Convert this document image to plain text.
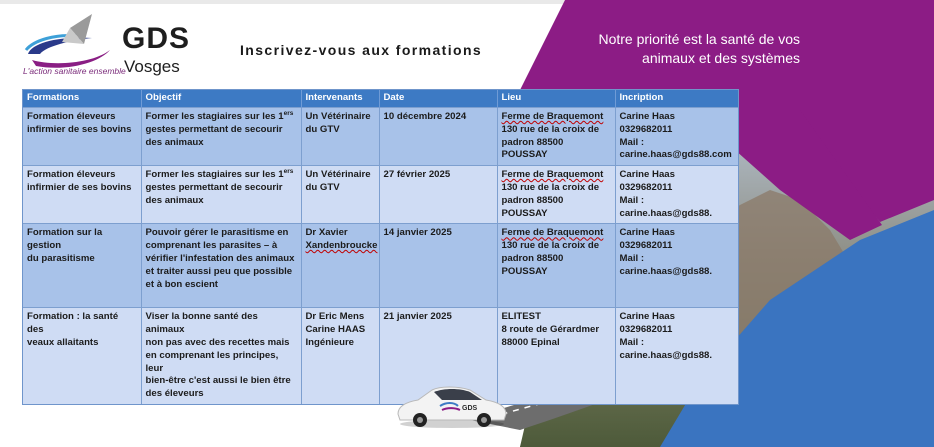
GDS
Vosges
L'action sanitaire ensemble
Inscrivez-vous aux formations
Notre priorité est la santé de vos
animaux et des systèmes
Formations	Objectif	Intervenants	Date	Lieu	Incription

Formation éleveurs
infirmier de ses bovins	Former les stagiaires sur les 1ers
gestes permettant de secourir
des animaux	Un Vétérinaire
du GTV	10 décembre 2024	Ferme de Braquemont
130 rue de la croix de
padron 88500 POUSSAY	Carine Haas
0329682011
Mail :
carine.haas@gds88.com

Formation éleveurs
infirmier de ses bovins	Former les stagiaires sur les 1ers
gestes permettant de secourir
des animaux	Un Vétérinaire
du GTV	27 février 2025	Ferme de Braquemont
130 rue de la croix de
padron 88500 POUSSAY	Carine Haas
0329682011
Mail :
carine.haas@gds88.

Formation sur la gestion
du parasitisme	Pouvoir gérer le parasitisme en
comprenant les parasites – à
vérifier l'infestation des animaux
et traiter aussi peu que possible
et à bon escient	Dr Xavier
Xandenbroucke	14 janvier 2025	Ferme de Braquemont
130 rue de la croix de
padron 88500 POUSSAY	Carine Haas
0329682011
Mail :
carine.haas@gds88.

Formation : la santé des
veaux allaitants	Viser la bonne santé des animaux
non pas avec des recettes mais
en comprenant les principes, leur
bien-être c'est aussi le bien être
des éleveurs	Dr Eric Mens
Carine HAAS
Ingénieure	21 janvier 2025	ELITEST
8 route de Gérardmer
88000 Epinal	Carine Haas
0329682011
Mail :
carine.haas@gds88.
GDS
